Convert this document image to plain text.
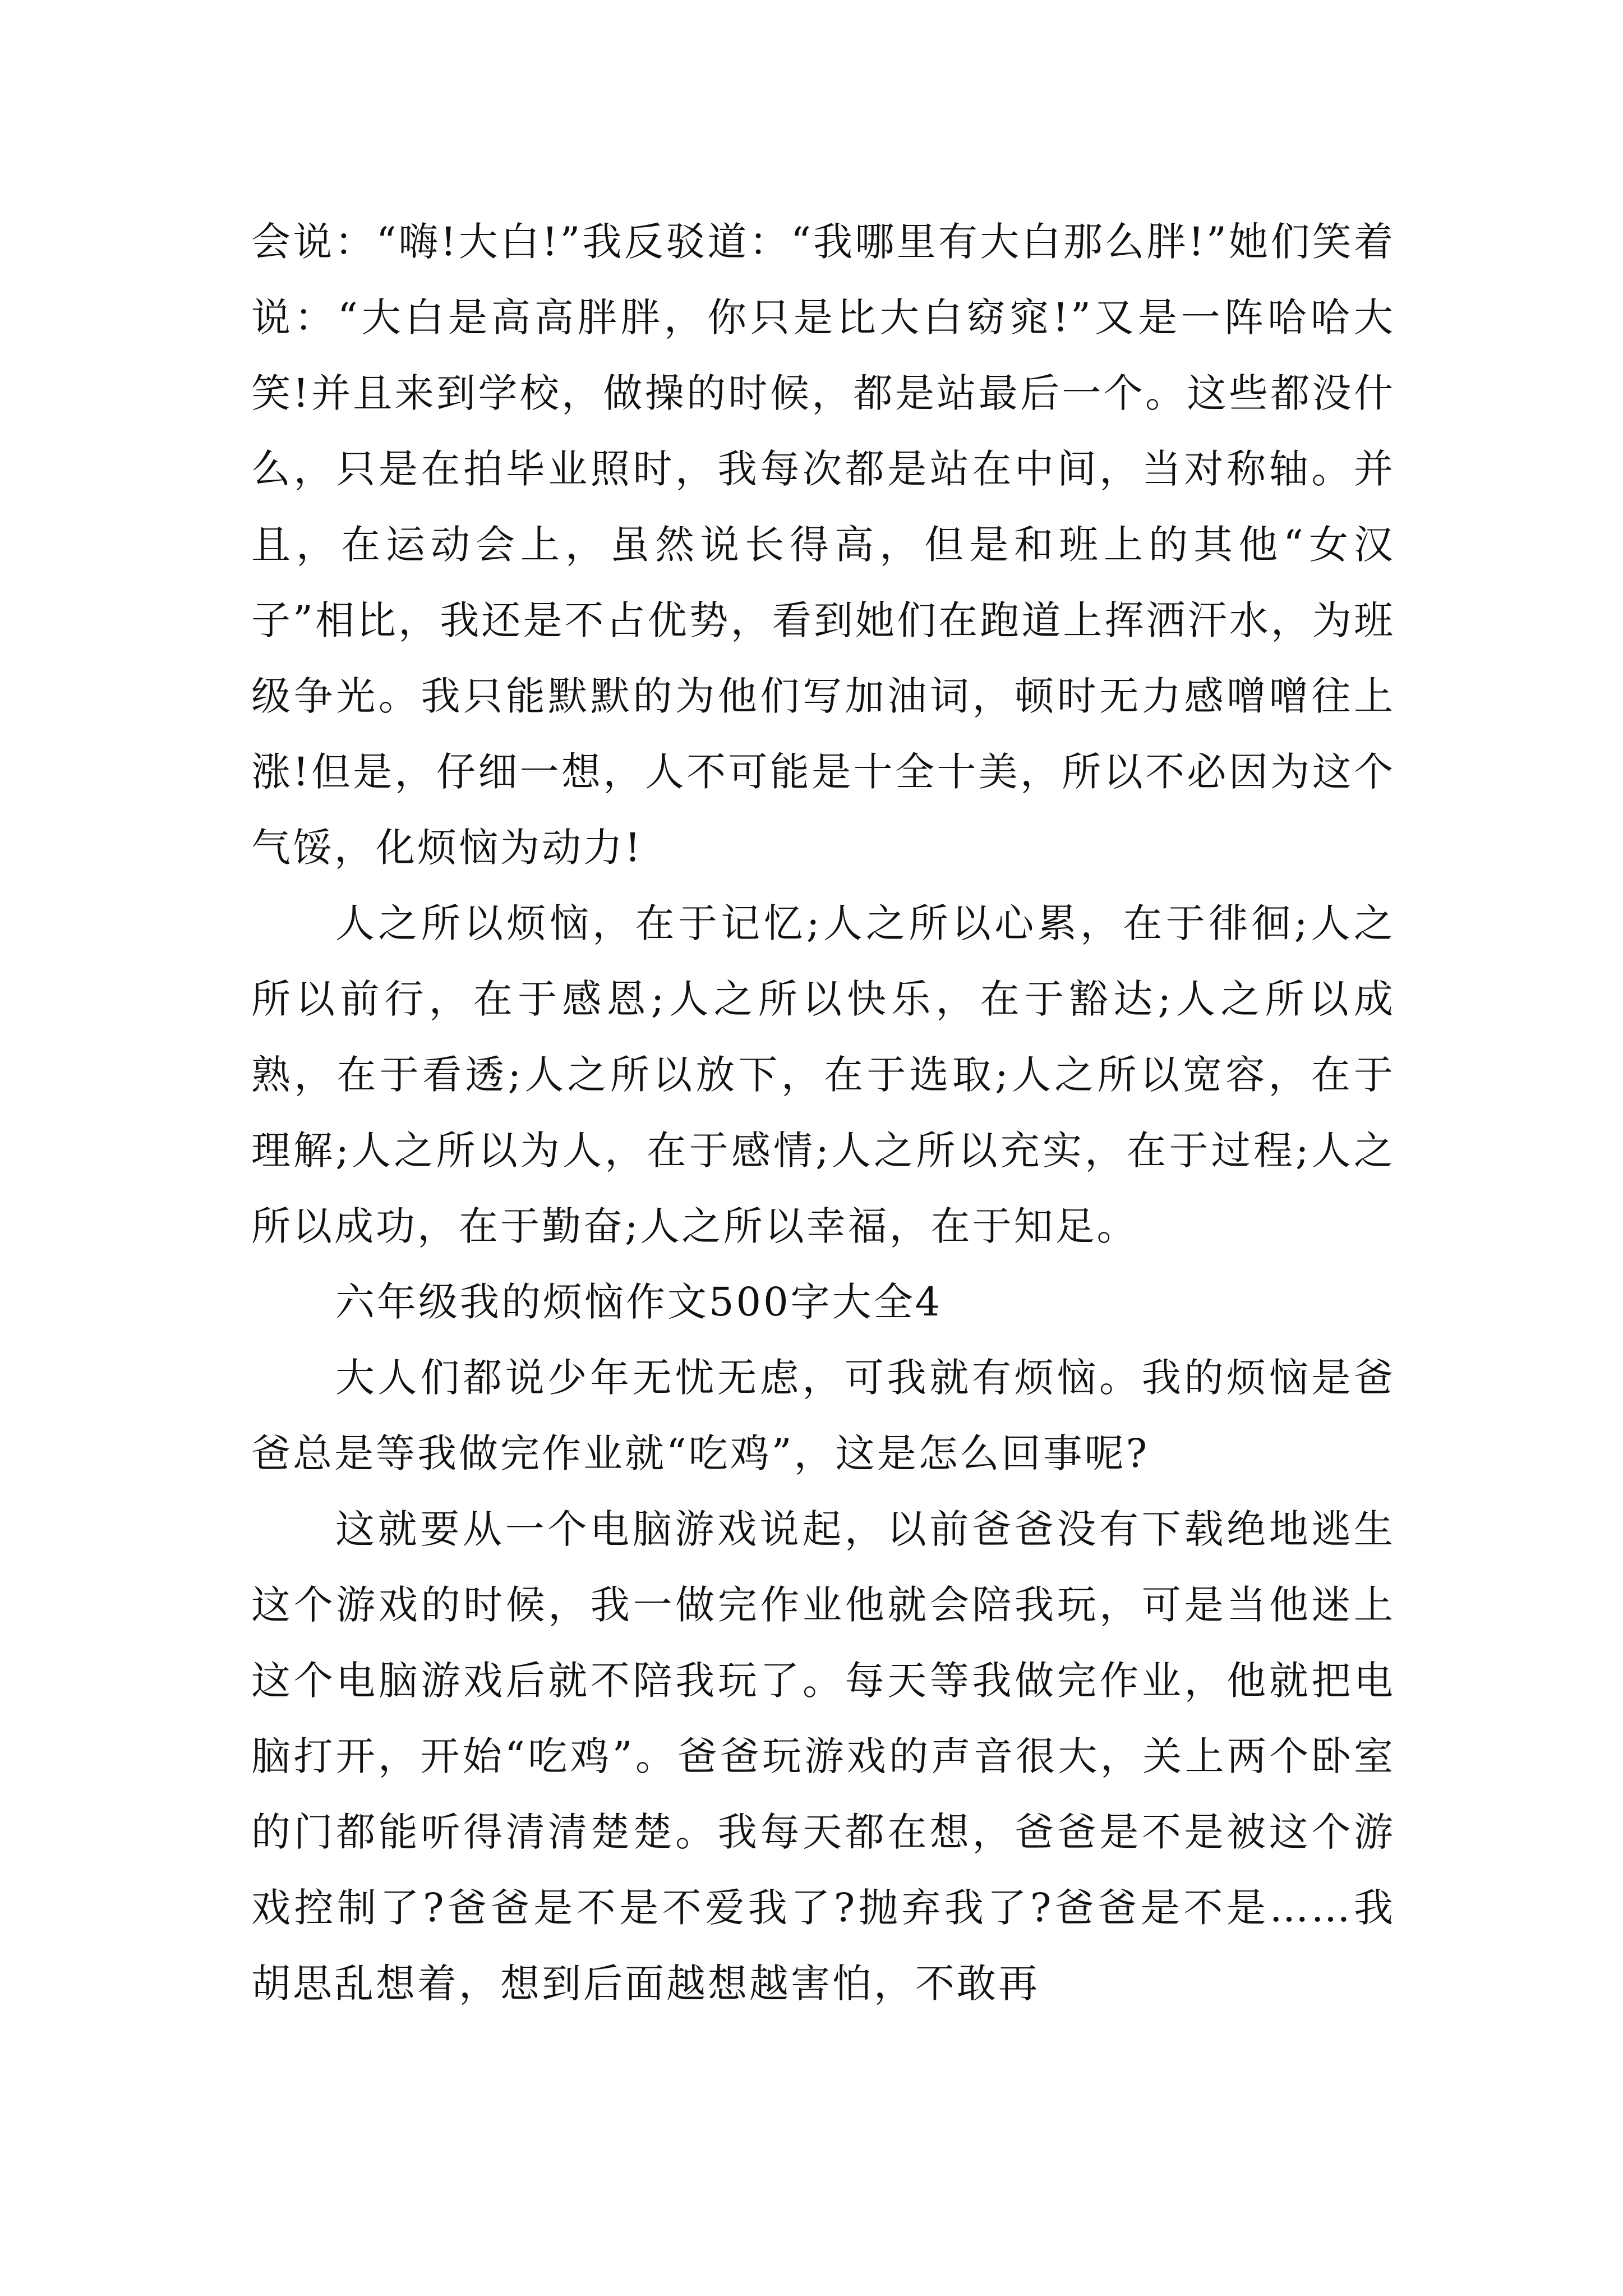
会说：“嗨!大白!”我反驳道：“我哪里有大白那么胖!”她们笑着说：“大白是高高胖胖，你只是比大白窈窕!”又是一阵哈哈大笑!并且来到学校，做操的时候，都是站最后一个。这些都没什么，只是在拍毕业照时，我每次都是站在中间，当对称轴。并且，在运动会上，虽然说长得高，但是和班上的其他“女汉子”相比，我还是不占优势，看到她们在跑道上挥洒汗水，为班级争光。我只能默默的为他们写加油词，顿时无力感噌噌往上涨!但是，仔细一想，人不可能是十全十美，所以不必因为这个气馁，化烦恼为动力!

人之所以烦恼，在于记忆;人之所以心累，在于徘徊;人之所以前行，在于感恩;人之所以快乐，在于豁达;人之所以成熟，在于看透;人之所以放下，在于选取;人之所以宽容，在于理解;人之所以为人，在于感情;人之所以充实，在于过程;人之所以成功，在于勤奋;人之所以幸福，在于知足。

六年级我的烦恼作文500字大全4

大人们都说少年无忧无虑，可我就有烦恼。我的烦恼是爸爸总是等我做完作业就“吃鸡”，这是怎么回事呢?

这就要从一个电脑游戏说起，以前爸爸没有下载绝地逃生这个游戏的时候，我一做完作业他就会陪我玩，可是当他迷上这个电脑游戏后就不陪我玩了。每天等我做完作业，他就把电脑打开，开始“吃鸡”。爸爸玩游戏的声音很大，关上两个卧室的门都能听得清清楚楚。我每天都在想，爸爸是不是被这个游戏控制了?爸爸是不是不爱我了?抛弃我了?爸爸是不是……我胡思乱想着，想到后面越想越害怕，不敢再
